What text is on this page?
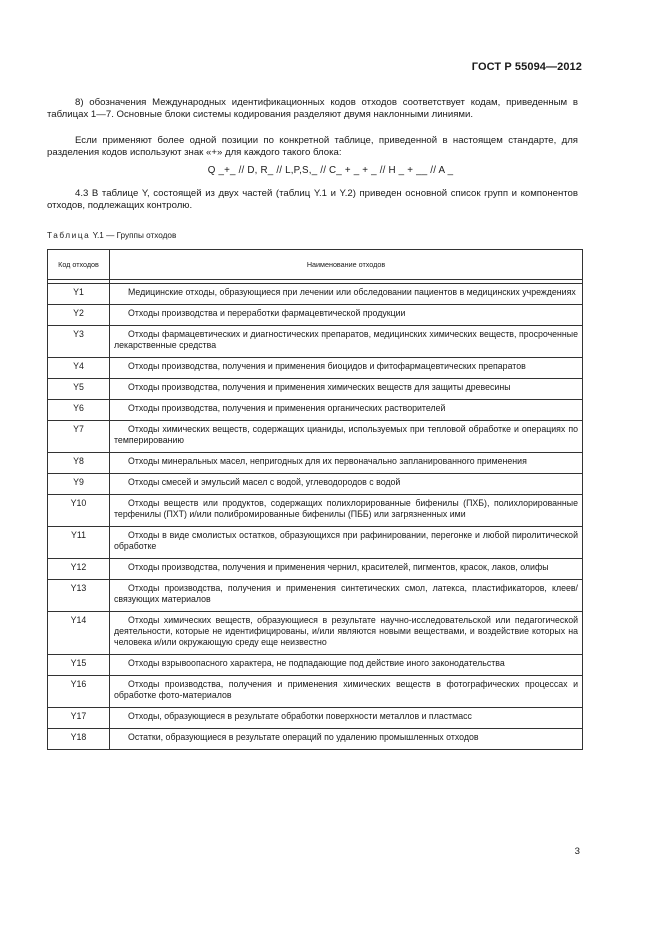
ГОСТ Р 55094—2012
8) обозначения Международных идентификационных кодов отходов соответствует кодам, приведенным в таблицах 1—7. Основные блоки системы кодирования разделяют двумя наклонными линиями.
Если применяют более одной позиции по конкретной таблице, приведенной в настоящем стандарте, для разделения кодов используют знак «+» для каждого такого блока:
Q _+_ // D, R_ // L,P,S,_ // C_ + _ + _ // H _ + __ // A _
4.3 В таблице Y, состоящей из двух частей (таблиц Y.1 и Y.2) приведен основной список групп и компонентов отходов, подлежащих контролю.
Таблица Y.1 — Группы отходов
Код отходов	Наименование отходов

Y1	Медицинские отходы, образующиеся при лечении или обследовании пациентов в медицинских учреждениях
Y2	Отходы производства и переработки фармацевтической продукции
Y3	Отходы фармацевтических и диагностических препаратов, медицинских химических веществ, просроченные лекарственные средства
Y4	Отходы производства, получения и применения биоцидов и фитофармацевтических препаратов
Y5	Отходы производства, получения и применения химических веществ для защиты древесины
Y6	Отходы производства, получения и применения органических растворителей
Y7	Отходы химических веществ, содержащих цианиды, используемых при тепловой обработке и операциях по темперированию
Y8	Отходы минеральных масел, непригодных для их первоначально запланированного применения
Y9	Отходы смесей и эмульсий масел с водой, углеводородов с водой
Y10	Отходы веществ или продуктов, содержащих полихлорированные бифенилы (ПХБ), полихлорированные терфенилы (ПХТ) и/или полибромированные бифенилы (ПББ) или загрязненных ими
Y11	Отходы в виде смолистых остатков, образующихся при рафинировании, перегонке и любой пиролитической обработке
Y12	Отходы производства, получения и применения чернил, красителей, пигментов, красок, лаков, олифы
Y13	Отходы производства, получения и применения синтетических смол, латекса, пластификаторов, клеев/связующих материалов
Y14	Отходы химических веществ, образующиеся в результате научно-исследовательской или педагогической деятельности, которые не идентифицированы, и/или являются новыми веществами, и воздействие которых на человека и/или окружающую среду еще неизвестно
Y15	Отходы взрывоопасного характера, не подпадающие под действие иного законодательства
Y16	Отходы производства, получения и применения химических веществ в фотографических процессах и обработке фото-материалов
Y17	Отходы, образующиеся в результате обработки поверхности металлов и пластмасс
Y18	Остатки, образующиеся в результате операций по удалению промышленных отходов
3
